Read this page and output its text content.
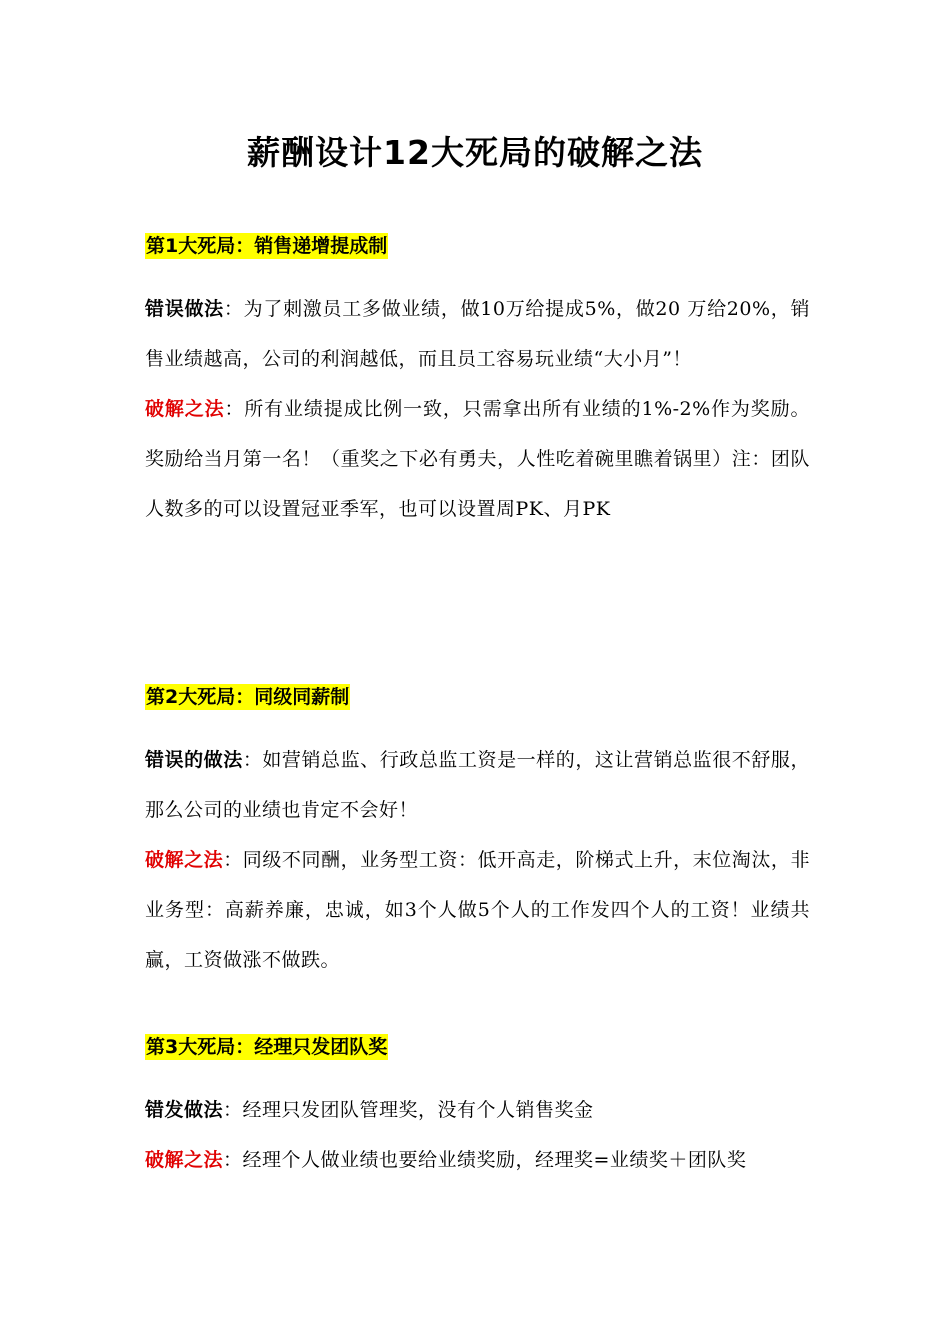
薪酬设计12大死局的破解之法
第1大死局：销售递增提成制

错误做法：为了刺激员工多做业绩，做10万给提成5%，做20 万给20%，销售业绩越高，公司的利润越低，而且员工容易玩业绩“大小月”！

破解之法：所有业绩提成比例一致，只需拿出所有业绩的1%-2%作为奖励。奖励给当月第一名！（重奖之下必有勇夫，人性吃着碗里瞧着锅里）注：团队人数多的可以设置冠亚季军，也可以设置周PK、月PK

第2大死局：同级同薪制

错误的做法：如营销总监、行政总监工资是一样的，这让营销总监很不舒服，那么公司的业绩也肯定不会好！

破解之法：同级不同酬，业务型工资：低开高走，阶梯式上升，末位淘汰，非业务型：高薪养廉，忠诚，如3个人做5个人的工作发四个人的工资！业绩共赢，工资做涨不做跌。

第3大死局：经理只发团队奖

错发做法：经理只发团队管理奖，没有个人销售奖金

破解之法：经理个人做业绩也要给业绩奖励，经理奖=业绩奖＋团队奖
